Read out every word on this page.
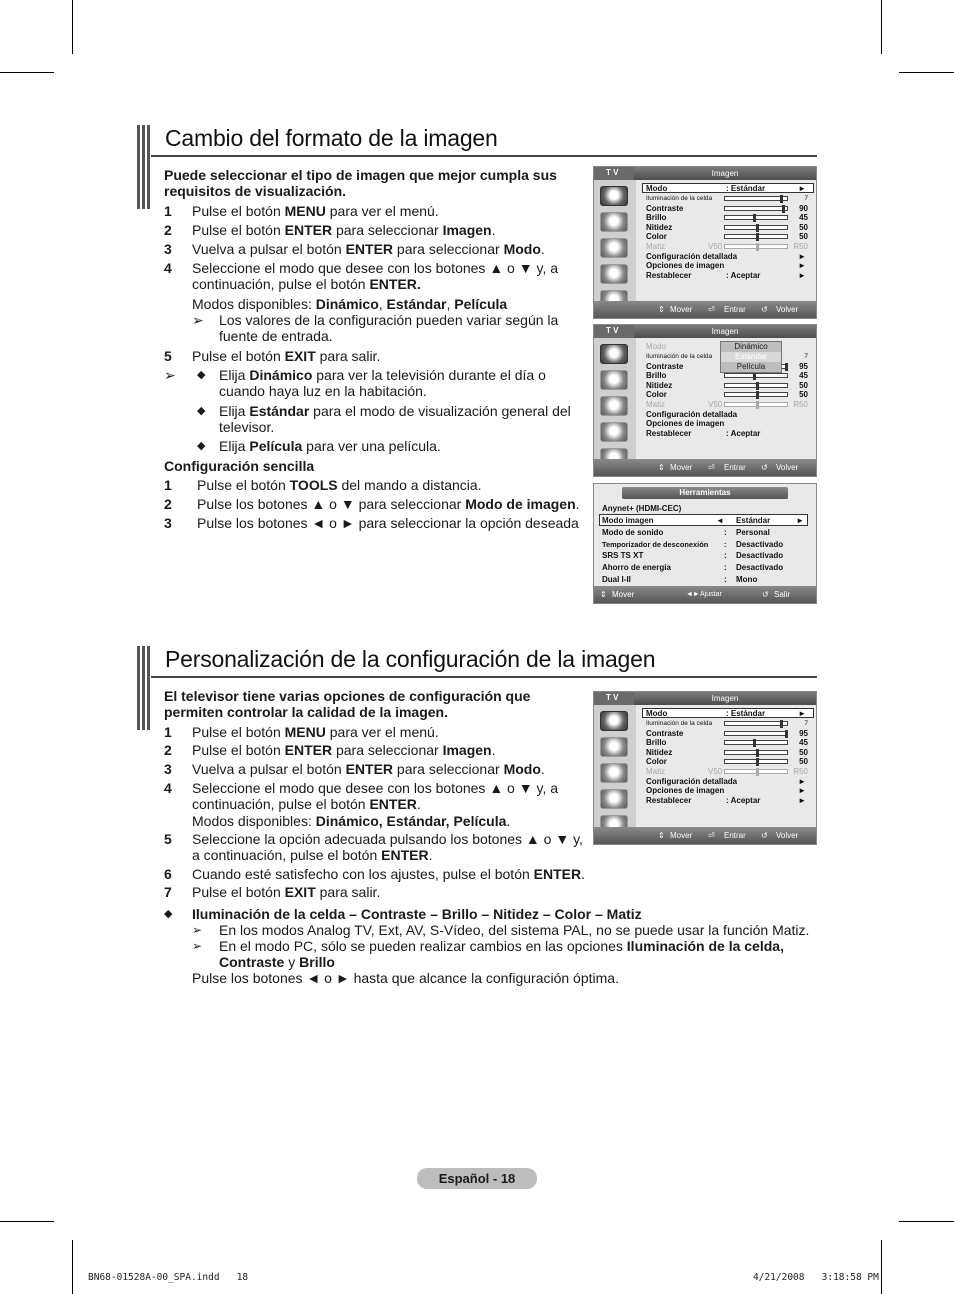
Cambio del formato de la imagen
Puede seleccionar el tipo de imagen que mejor cumpla sus
requisitos de visualización.
1 Pulse el botón MENU para ver el menú.
2 Pulse el botón ENTER para seleccionar Imagen.
3 Vuelva a pulsar el botón ENTER para seleccionar Modo.
4 Seleccione el modo que desee con los botones ▲ o ▼ y, a
continuación, pulse el botón ENTER.
Modos disponibles: Dinámico, Estándar, Película
➢ Los valores de la configuración pueden variar según la
fuente de entrada.
5 Pulse el botón EXIT para salir.
➢ ◆ Elija Dinámico para ver la televisión durante el día o
cuando haya luz en la habitación.
◆ Elija Estándar para el modo de visualización general del
televisor.
◆ Elija Película para ver una película.
Configuración sencilla
1 Pulse el botón TOOLS del mando a distancia.
2 Pulse los botones ▲ o ▼ para seleccionar Modo de imagen.
3 Pulse los botones ◄ o ► para seleccionar la opción deseada
T V	Imagen
Modo	: Estándar	►
Iluminación de la celda	7
Contraste	90
Brillo	45
Nitidez	50
Color	50
Matiz	V50	R50
Configuración detallada	►
Opciones de imagen	►
Restablecer	: Aceptar	►
⇕ Mover ⏎ Entrar ↺ Volver
T V	Imagen
Modo
Iluminación de la celda	7
Contraste	95
Brillo	45
Nitidez	50
Color	50
Matiz	V50	R50
Configuración detallada
Opciones de imagen
Restablecer	: Aceptar
Dinámico
Estándar
Película
⇕ Mover ⏎ Entrar ↺ Volver
Herramientas
Anynet+ (HDMI-CEC)
Modo imagen	◄ Estándar	►
Modo de sonido	: Personal
Temporizador de desconexión : Desactivado
SRS TS XT	: Desactivado
Ahorro de energía	: Desactivado
Dual I-II	: Mono
⇕ Mover	◄► Ajustar	↺ Salir
Personalización de la configuración de la imagen
El televisor tiene varias opciones de configuración que
permiten controlar la calidad de la imagen.
1 Pulse el botón MENU para ver el menú.
2 Pulse el botón ENTER para seleccionar Imagen.
3 Vuelva a pulsar el botón ENTER para seleccionar Modo.
4 Seleccione el modo que desee con los botones ▲ o ▼ y, a
continuación, pulse el botón ENTER.
Modos disponibles: Dinámico, Estándar, Película.
5 Seleccione la opción adecuada pulsando los botones ▲ o ▼ y,
a continuación, pulse el botón ENTER.
6 Cuando esté satisfecho con los ajustes, pulse el botón ENTER.
7 Pulse el botón EXIT para salir.
◆ Iluminación de la celda – Contraste – Brillo – Nitidez – Color – Matiz
➢ En los modos Analog TV, Ext, AV, S-Vídeo, del sistema PAL, no se puede usar la función Matiz.
➢ En el modo PC, sólo se pueden realizar cambios en las opciones Iluminación de la celda,
Contraste y Brillo
Pulse los botones ◄ o ► hasta que alcance la configuración óptima.
T V	Imagen
Modo	: Estándar	►
Iluminación de la celda	7
Contraste	95
Brillo	45
Nitidez	50
Color	50
Matiz	V50	R50
Configuración detallada	►
Opciones de imagen	►
Restablecer	: Aceptar	►
⇕ Mover ⏎ Entrar ↺ Volver
Español - 18
BN68-01528A-00_SPA.indd   18	4/21/2008   3:18:58 PM
